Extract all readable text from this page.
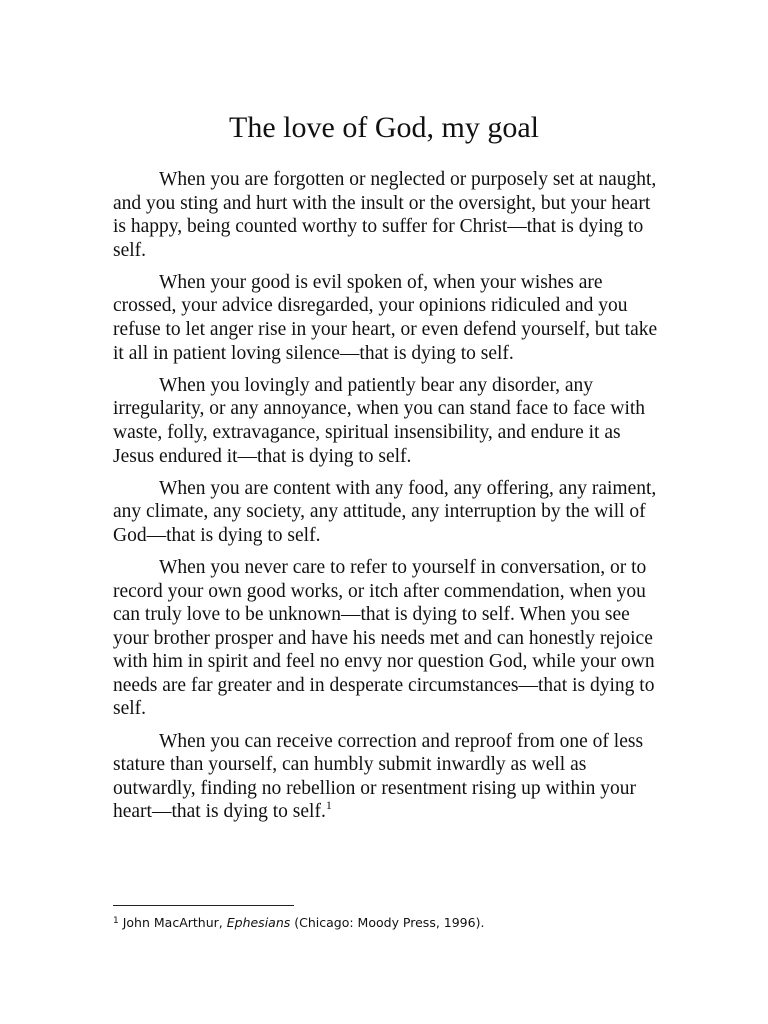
The love of God, my goal

When you are forgotten or neglected or purposely set at naught, and you sting and hurt with the insult or the oversight, but your heart is happy, being counted worthy to suffer for Christ—that is dying to self.

When your good is evil spoken of, when your wishes are crossed, your advice disregarded, your opinions ridiculed and you refuse to let anger rise in your heart, or even defend yourself, but take it all in patient loving silence—that is dying to self.

When you lovingly and patiently bear any disorder, any irregularity, or any annoyance, when you can stand face to face with waste, folly, extravagance, spiritual insensibility, and endure it as Jesus endured it—that is dying to self.

When you are content with any food, any offering, any raiment, any climate, any society, any attitude, any interruption by the will of God—that is dying to self.

When you never care to refer to yourself in conversation, or to record your own good works, or itch after commendation, when you can truly love to be unknown—that is dying to self. When you see your brother prosper and have his needs met and can honestly rejoice with him in spirit and feel no envy nor question God, while your own needs are far greater and in desperate circumstances—that is dying to self.

When you can receive correction and reproof from one of less stature than yourself, can humbly submit inwardly as well as outwardly, finding no rebellion or resentment rising up within your heart—that is dying to self.$^1$

$^1$ John MacArthur, Ephesians (Chicago: Moody Press, 1996).
